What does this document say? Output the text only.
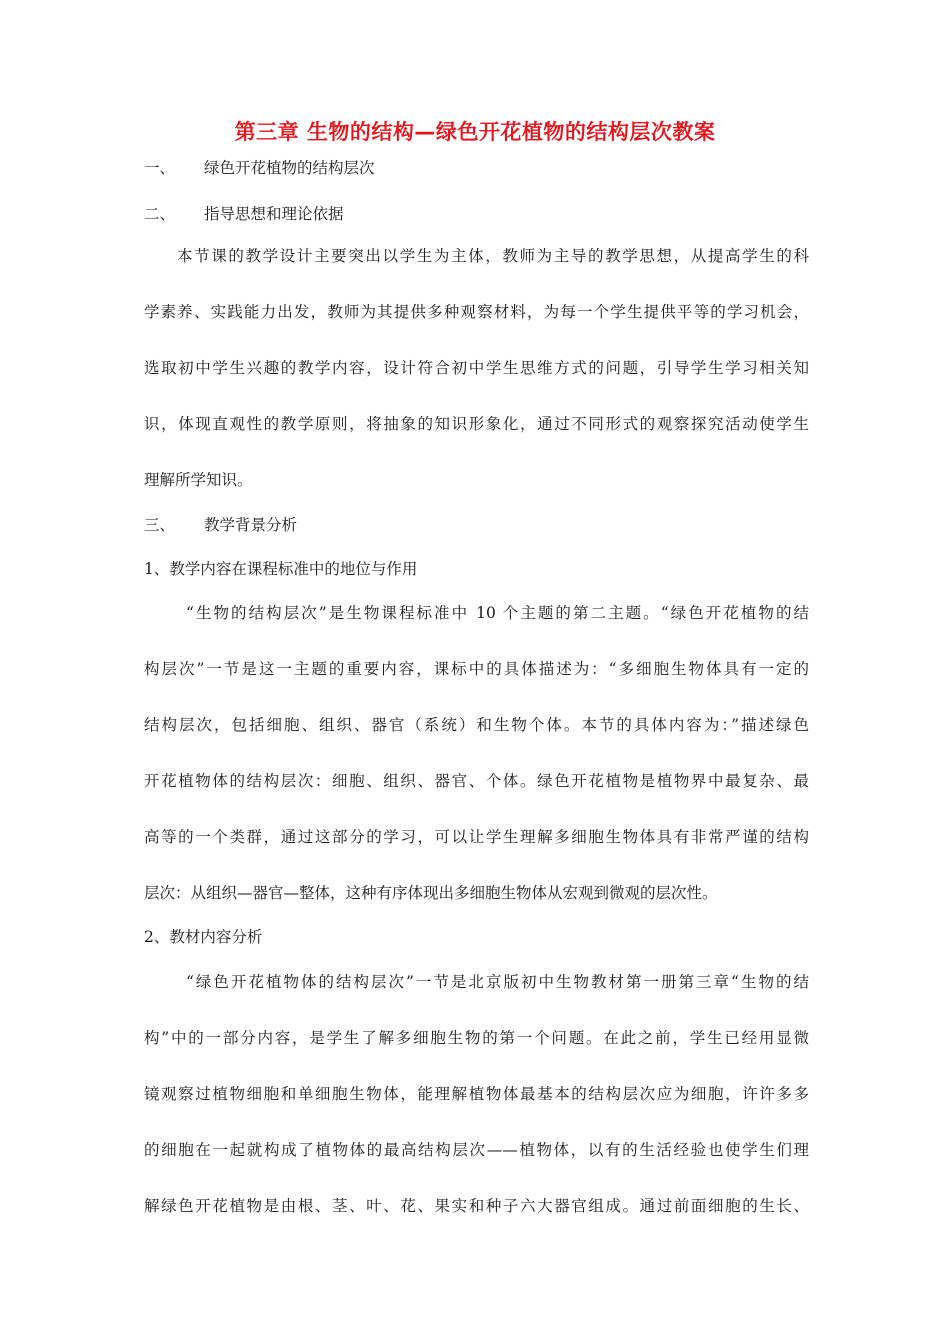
第三章 生物的结构—绿色开花植物的结构层次教案
一、 绿色开花植物的结构层次
二、 指导思想和理论依据
本节课的教学设计主要突出以学生为主体，教师为主导的教学思想，从提高学生的科
学素养、实践能力出发，教师为其提供多种观察材料，为每一个学生提供平等的学习机会，
选取初中学生兴趣的教学内容，设计符合初中学生思维方式的问题，引导学生学习相关知
识，体现直观性的教学原则，将抽象的知识形象化，通过不同形式的观察探究活动使学生
理解所学知识。
三、 教学背景分析
1、教学内容在课程标准中的地位与作用
“生物的结构层次”是生物课程标准中 10 个主题的第二主题。“绿色开花植物的结
构层次”一节是这一主题的重要内容，课标中的具体描述为：“多细胞生物体具有一定的
结构层次，包括细胞、组织、器官（系统）和生物个体。本节的具体内容为：”描述绿色
开花植物体的结构层次：细胞、组织、器官、个体。绿色开花植物是植物界中最复杂、最
高等的一个类群，通过这部分的学习，可以让学生理解多细胞生物体具有非常严谨的结构
层次：从组织—器官—整体，这种有序体现出多细胞生物体从宏观到微观的层次性。
2、教材内容分析
“绿色开花植物体的结构层次”一节是北京版初中生物教材第一册第三章“生物的结
构”中的一部分内容，是学生了解多细胞生物的第一个问题。在此之前，学生已经用显微
镜观察过植物细胞和单细胞生物体，能理解植物体最基本的结构层次应为细胞，许许多多
的细胞在一起就构成了植物体的最高结构层次——植物体，以有的生活经验也使学生们理
解绿色开花植物是由根、茎、叶、花、果实和种子六大器官组成。通过前面细胞的生长、
